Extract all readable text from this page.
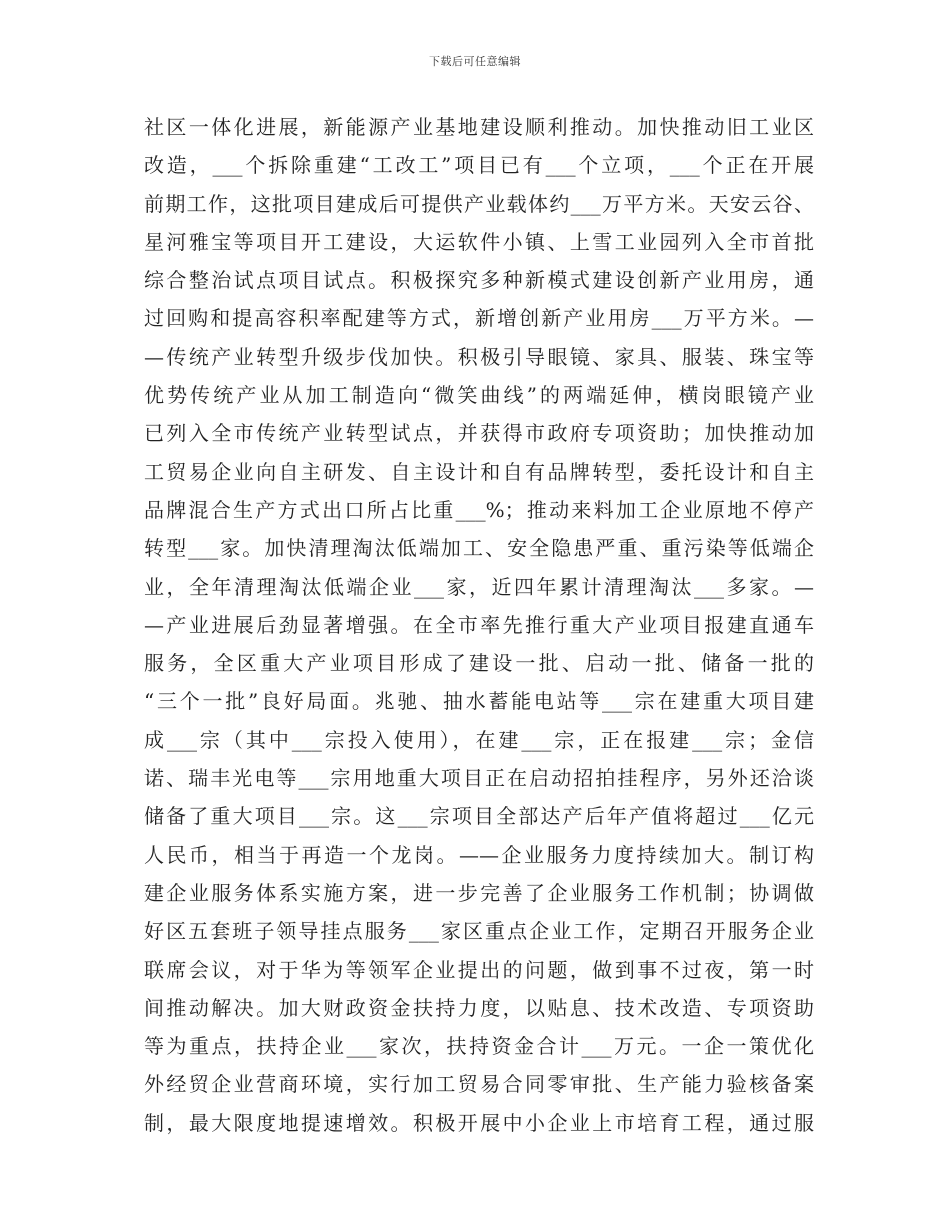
下载后可任意编辑
社区一体化进展，新能源产业基地建设顺利推动。加快推动旧工业区
改造，___个拆除重建“工改工”项目已有___个立项，___个正在开展
前期工作，这批项目建成后可提供产业载体约___万平方米。天安云谷、
星河雅宝等项目开工建设，大运软件小镇、上雪工业园列入全市首批
综合整治试点项目试点。积极探究多种新模式建设创新产业用房，通
过回购和提高容积率配建等方式，新增创新产业用房___万平方米。—
—传统产业转型升级步伐加快。积极引导眼镜、家具、服装、珠宝等
优势传统产业从加工制造向“微笑曲线”的两端延伸，横岗眼镜产业
已列入全市传统产业转型试点，并获得市政府专项资助；加快推动加
工贸易企业向自主研发、自主设计和自有品牌转型，委托设计和自主
品牌混合生产方式出口所占比重___%；推动来料加工企业原地不停产
转型___家。加快清理淘汰低端加工、安全隐患严重、重污染等低端企
业，全年清理淘汰低端企业___家，近四年累计清理淘汰___多家。—
—产业进展后劲显著增强。在全市率先推行重大产业项目报建直通车
服务，全区重大产业项目形成了建设一批、启动一批、储备一批的
“三个一批”良好局面。兆驰、抽水蓄能电站等___宗在建重大项目建
成___宗（其中___宗投入使用），在建___宗，正在报建___宗；金信
诺、瑞丰光电等___宗用地重大项目正在启动招拍挂程序，另外还洽谈
储备了重大项目___宗。这___宗项目全部达产后年产值将超过___亿元
人民币，相当于再造一个龙岗。——企业服务力度持续加大。制订构
建企业服务体系实施方案，进一步完善了企业服务工作机制；协调做
好区五套班子领导挂点服务___家区重点企业工作，定期召开服务企业
联席会议，对于华为等领军企业提出的问题，做到事不过夜，第一时
间推动解决。加大财政资金扶持力度，以贴息、技术改造、专项资助
等为重点，扶持企业___家次，扶持资金合计___万元。一企一策优化
外经贸企业营商环境，实行加工贸易合同零审批、生产能力验核备案
制，最大限度地提速增效。积极开展中小企业上市培育工程，通过服
